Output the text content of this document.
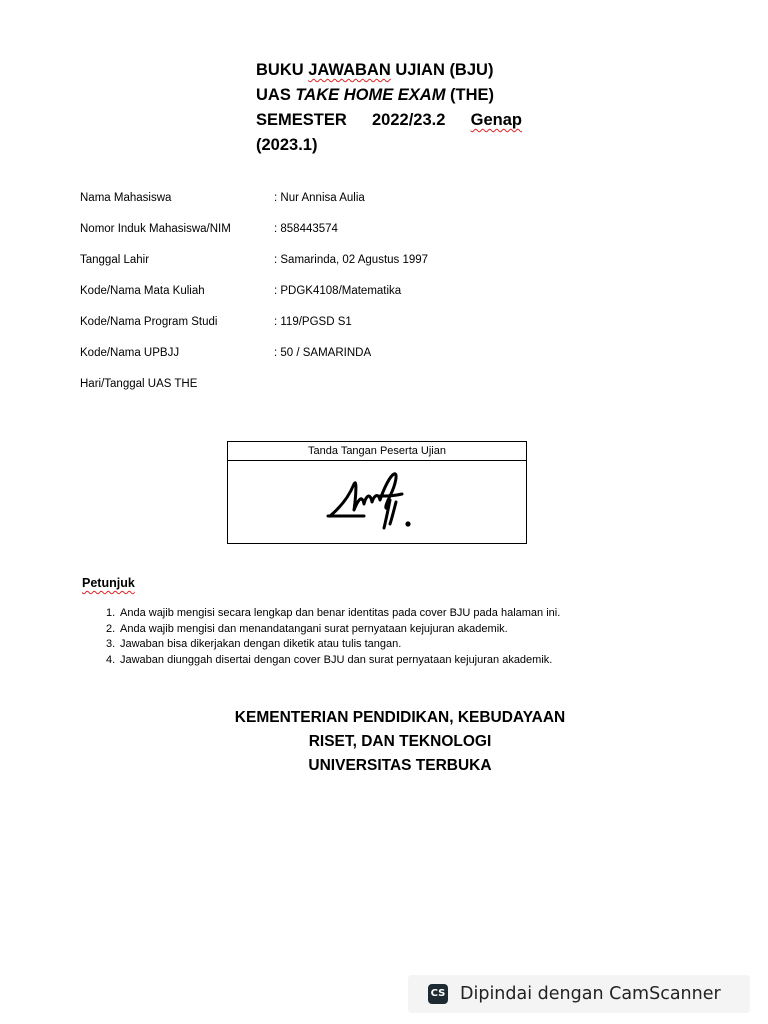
BUKU JAWABAN UJIAN (BJU)
UAS TAKE HOME EXAM (THE)
SEMESTER 2022/23.2 Genap
(2023.1)
Nama Mahasiswa	: Nur Annisa Aulia
Nomor Induk Mahasiswa/NIM	: 858443574
Tanggal Lahir	: Samarinda, 02 Agustus 1997
Kode/Nama Mata Kuliah	: PDGK4108/Matematika
Kode/Nama Program Studi	: 119/PGSD S1
Kode/Nama UPBJJ	: 50 / SAMARINDA
Hari/Tanggal UAS THE
Tanda Tangan Peserta Ujian
Petunjuk
1. Anda wajib mengisi secara lengkap dan benar identitas pada cover BJU pada halaman ini.
2. Anda wajib mengisi dan menandatangani surat pernyataan kejujuran akademik.
3. Jawaban bisa dikerjakan dengan diketik atau tulis tangan.
4. Jawaban diunggah disertai dengan cover BJU dan surat pernyataan kejujuran akademik.
KEMENTERIAN PENDIDIKAN, KEBUDAYAAN
RISET, DAN TEKNOLOGI
UNIVERSITAS TERBUKA
CS Dipindai dengan CamScanner
